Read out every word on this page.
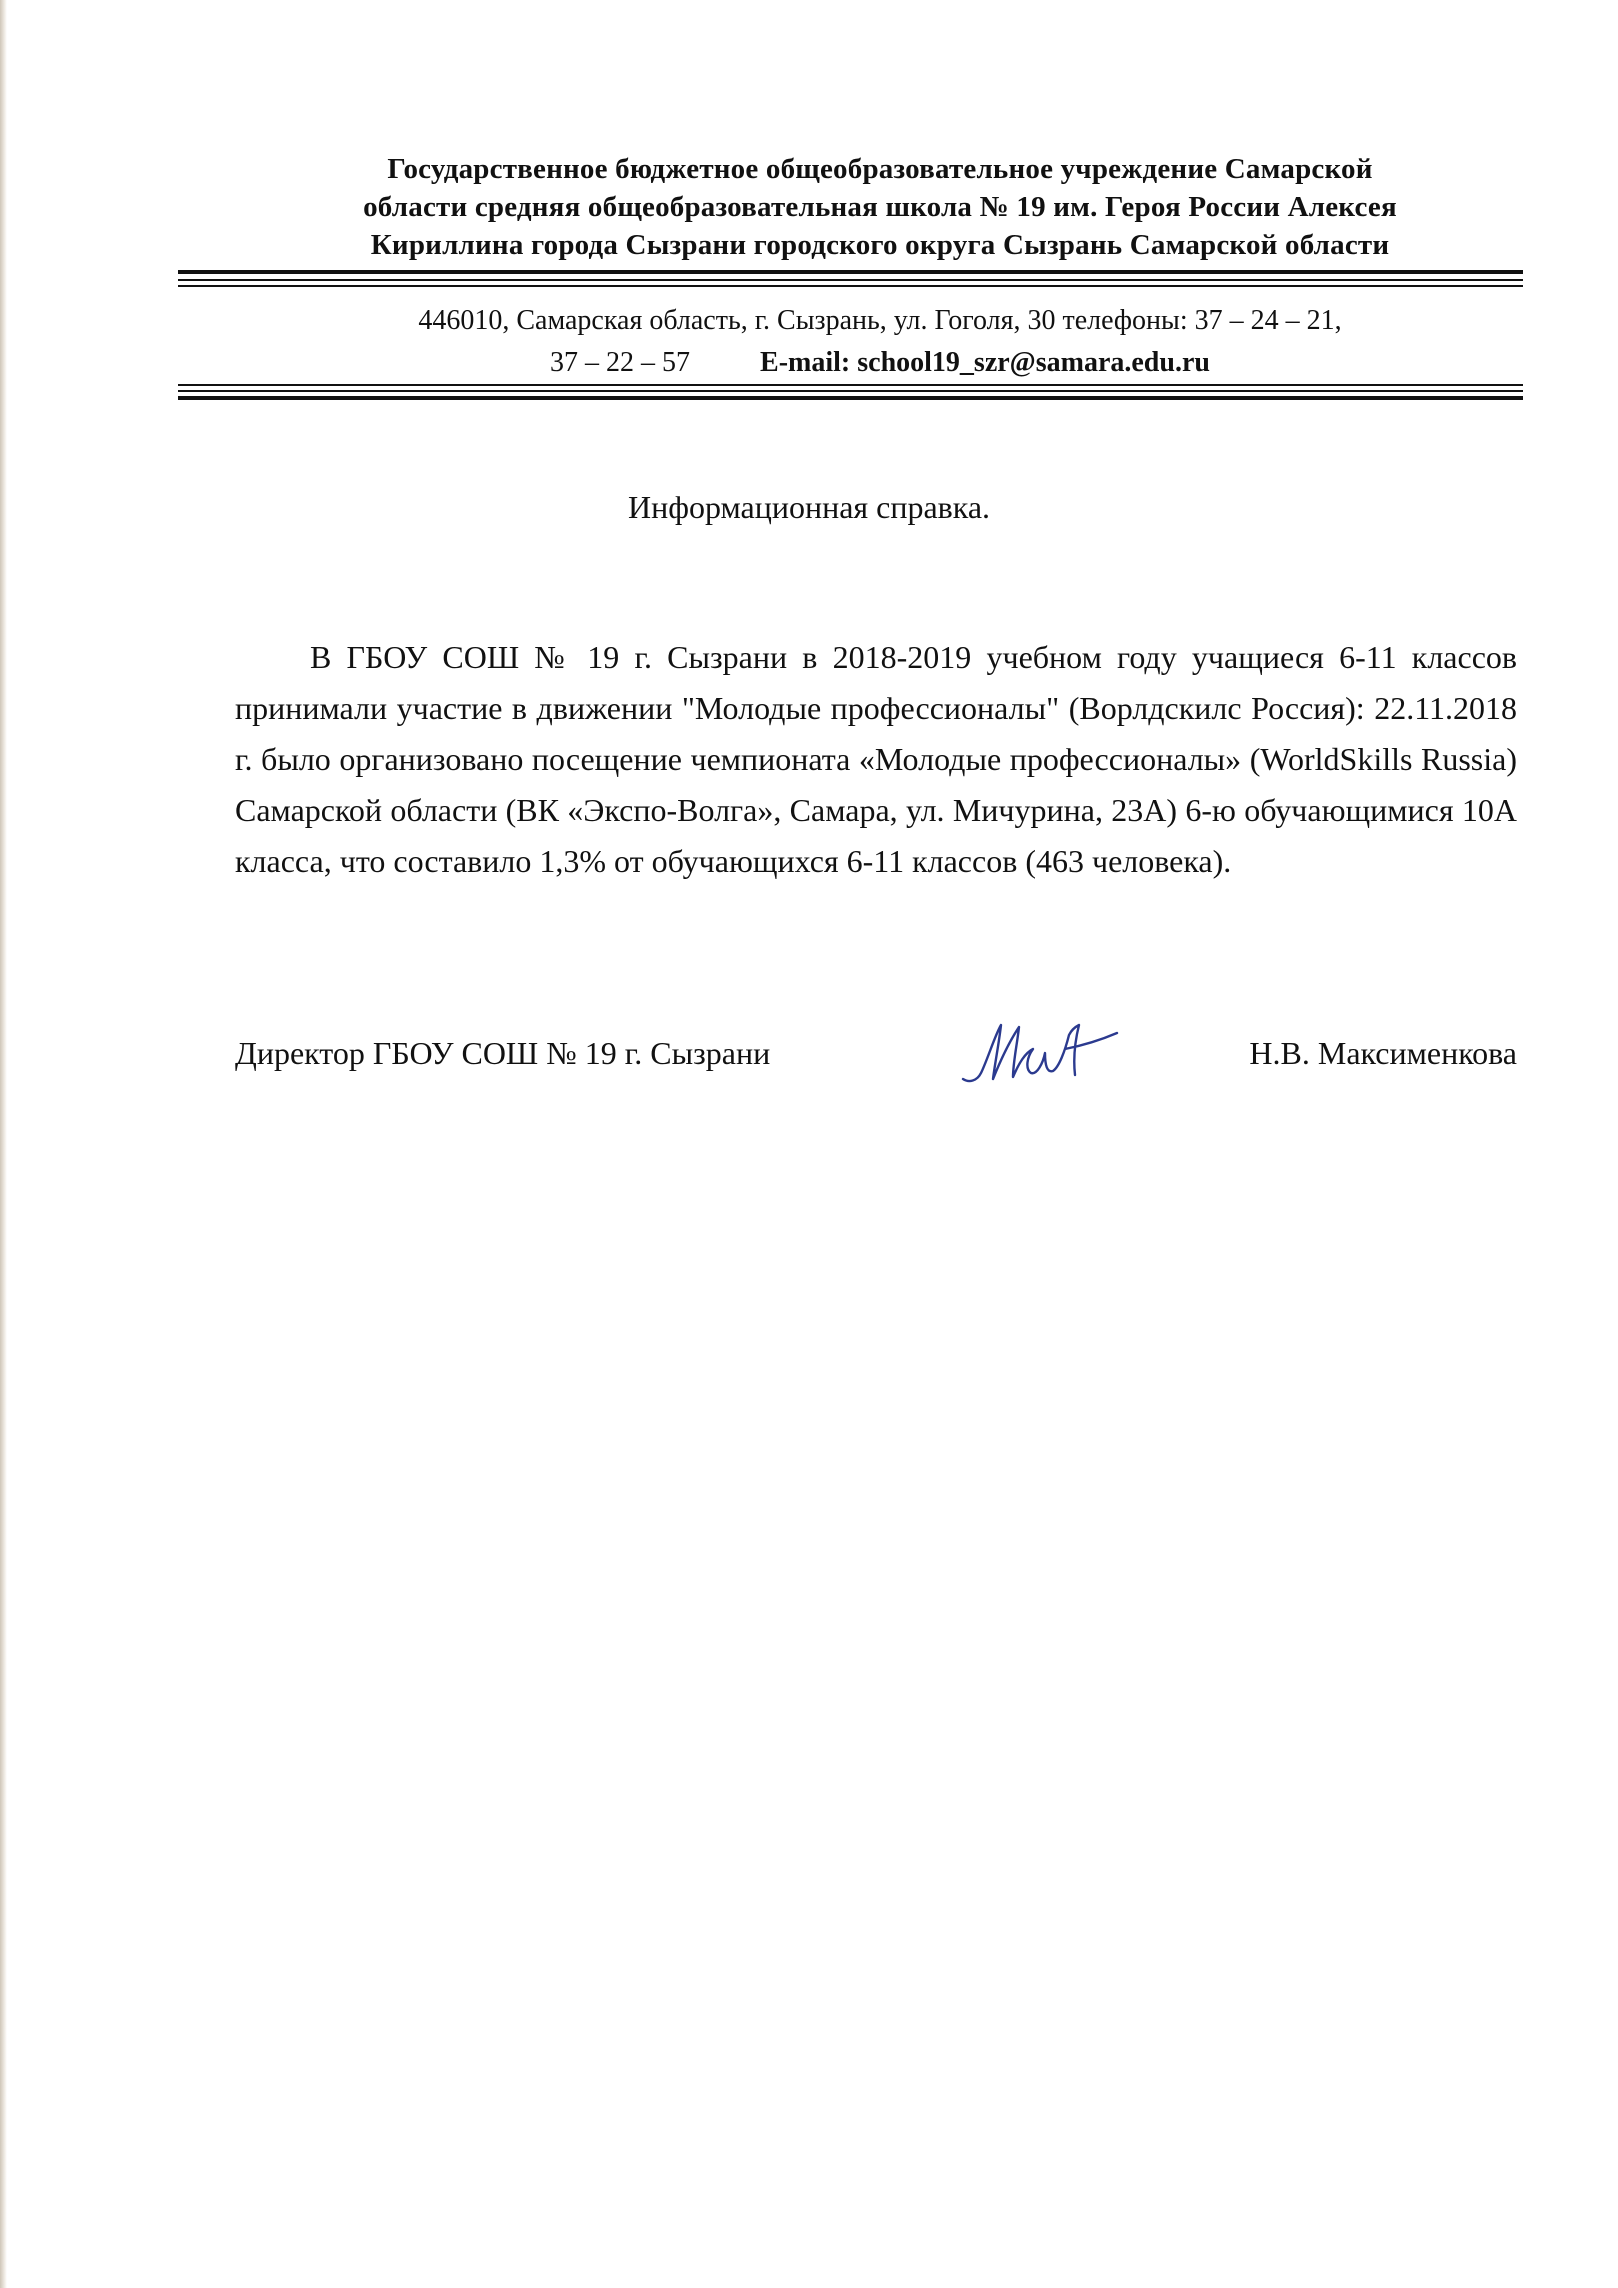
Государственное бюджетное общеобразовательное учреждение Самарской
области средняя общеобразовательная школа № 19 им. Героя России Алексея
Кириллина города Сызрани городского округа Сызрань Самарской области
446010, Самарская область, г. Сызрань, ул. Гоголя, 30 телефоны: 37 – 24 – 21,
37 – 22 – 57	E-mail: school19_szr@samara.edu.ru
Информационная справка.

В ГБОУ СОШ № 19 г. Сызрани в 2018-2019 учебном году учащиеся 6-11 классов принимали участие в движении "Молодые профессионалы" (Ворлдскилс Россия): 22.11.2018 г. было организовано посещение чемпионата «Молодые профессионалы» (WorldSkills Russia) Самарской области (ВК «Экспо-Волга», Самара, ул. Мичурина, 23А) 6-ю обучающимися 10А класса, что составило 1,3% от обучающихся 6-11 классов (463 человека).

Директор ГБОУ СОШ № 19 г. Сызрани	Н.В. Максименкова
